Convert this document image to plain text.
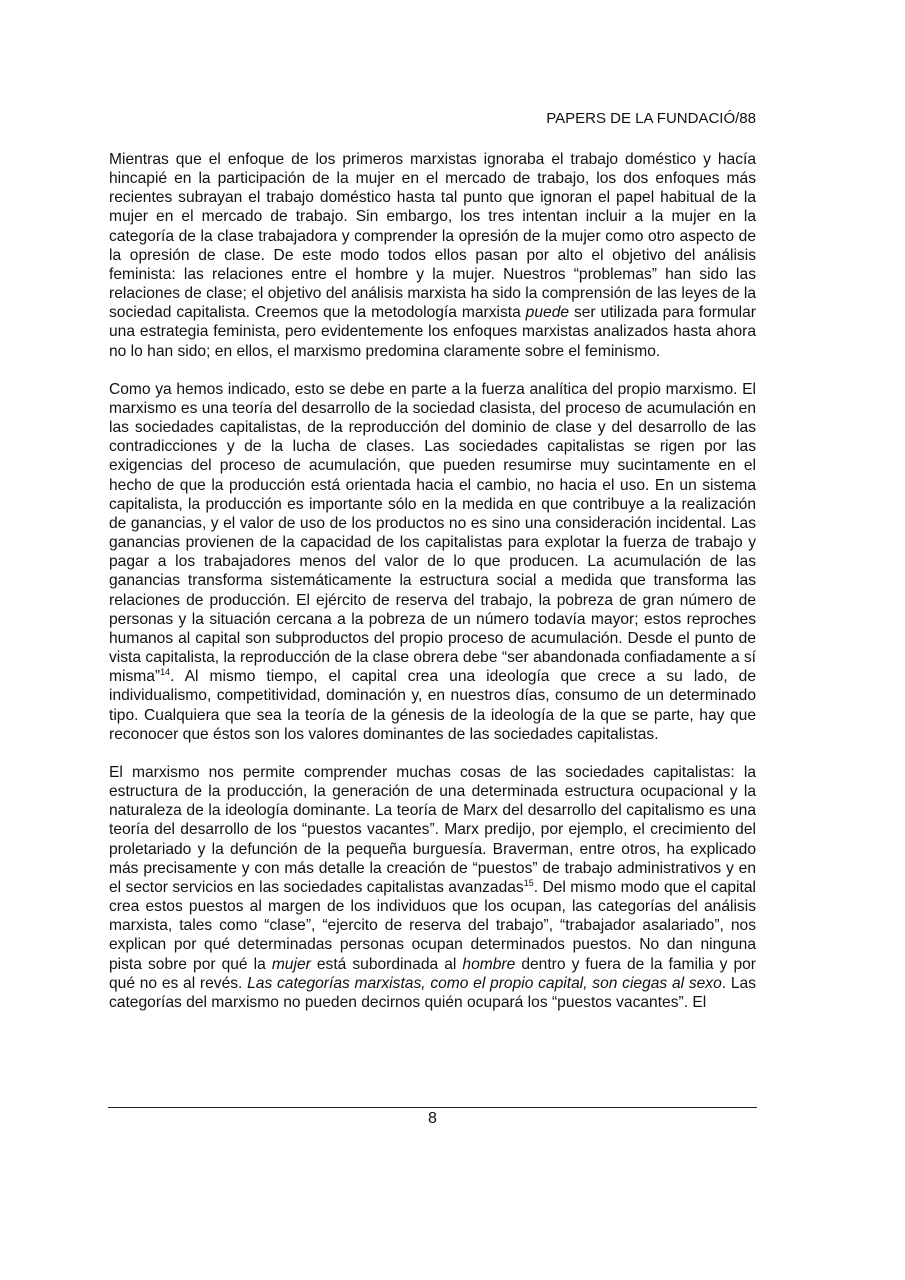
PAPERS DE LA FUNDACIÓ/88

Mientras que el enfoque de los primeros marxistas ignoraba el trabajo doméstico y hacía hincapié en la participación de la mujer en el mercado de trabajo, los dos enfoques más recientes subrayan el trabajo doméstico hasta tal punto que ignoran el papel habitual de la mujer en el mercado de trabajo. Sin embargo, los tres intentan incluir a la mujer en la categoría de la clase trabajadora y comprender la opresión de la mujer como otro aspecto de la opresión de clase. De este modo todos ellos pasan por alto el objetivo del análisis feminista: las relaciones entre el hombre y la mujer. Nuestros “problemas” han sido las relaciones de clase; el objetivo del análisis marxista ha sido la comprensión de las leyes de la sociedad capitalista. Creemos que la metodología marxista puede ser utilizada para formular una estrategia feminista, pero evidentemente los enfoques marxistas analizados hasta ahora no lo han sido; en ellos, el marxismo predomina claramente sobre el feminismo.

Como ya hemos indicado, esto se debe en parte a la fuerza analítica del propio marxismo. El marxismo es una teoría del desarrollo de la sociedad clasista, del proceso de acumulación en las sociedades capitalistas, de la reproducción del dominio de clase y del desarrollo de las contradicciones y de la lucha de clases. Las sociedades capitalistas se rigen por las exigencias del proceso de acumulación, que pueden resumirse muy sucintamente en el hecho de que la producción está orientada hacia el cambio, no hacia el uso. En un sistema capitalista, la producción es importante sólo en la medida en que contribuye a la realización de ganancias, y el valor de uso de los productos no es sino una consideración incidental. Las ganancias provienen de la capacidad de los capitalistas para explotar la fuerza de trabajo y pagar a los trabajadores menos del valor de lo que producen. La acumulación de las ganancias transforma sistemáticamente la estructura social a medida que transforma las relaciones de producción. El ejército de reserva del trabajo, la pobreza de gran número de personas y la situación cercana a la pobreza de un número todavía mayor; estos reproches humanos al capital son subproductos del propio proceso de acumulación. Desde el punto de vista capitalista, la reproducción de la clase obrera debe “ser abandonada confiadamente a sí misma”$^{14}$. Al mismo tiempo, el capital crea una ideología que crece a su lado, de individualismo, competitividad, dominación y, en nuestros días, consumo de un determinado tipo. Cualquiera que sea la teoría de la génesis de la ideología de la que se parte, hay que reconocer que éstos son los valores dominantes de las sociedades capitalistas.

El marxismo nos permite comprender muchas cosas de las sociedades capitalistas: la estructura de la producción, la generación de una determinada estructura ocupacional y la naturaleza de la ideología dominante. La teoría de Marx del desarrollo del capitalismo es una teoría del desarrollo de los “puestos vacantes”. Marx predijo, por ejemplo, el crecimiento del proletariado y la defunción de la pequeña burguesía. Braverman, entre otros, ha explicado más precisamente y con más detalle la creación de “puestos” de trabajo administrativos y en el sector servicios en las sociedades capitalistas avanzadas$^{15}$. Del mismo modo que el capital crea estos puestos al margen de los individuos que los ocupan, las categorías del análisis marxista, tales como “clase”, “ejercito de reserva del trabajo”, “trabajador asalariado”, nos explican por qué determinadas personas ocupan determinados puestos. No dan ninguna pista sobre por qué la mujer está subordinada al hombre dentro y fuera de la familia y por qué no es al revés. Las categorías marxistas, como el propio capital, son ciegas al sexo. Las categorías del marxismo no pueden decirnos quién ocupará los “puestos vacantes”. El

8
